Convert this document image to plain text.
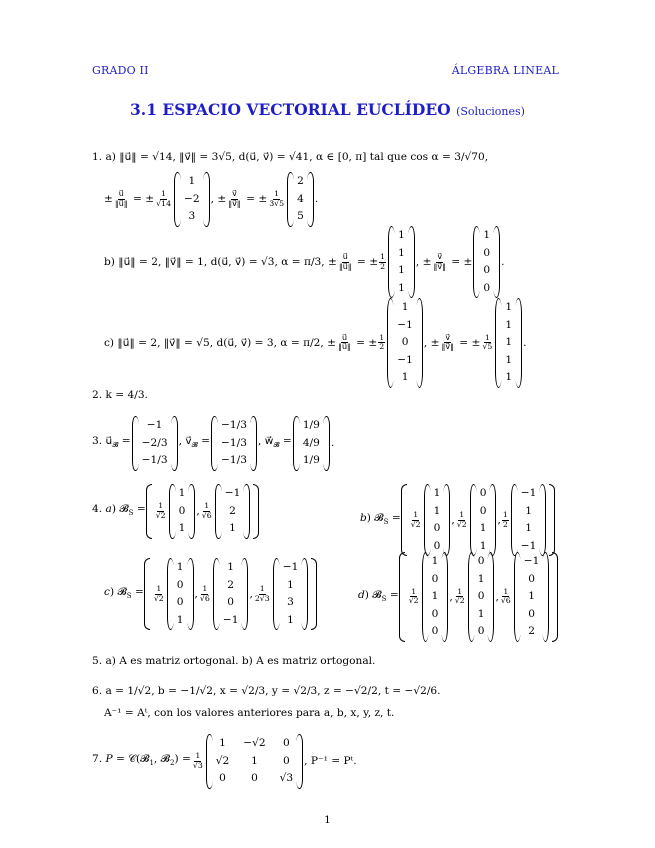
GRADO II	ÁLGEBRA LINEAL
3.1 ESPACIO VECTORIAL EUCLÍDEO (Soluciones)
1. a) ‖u⃗‖ = √14, ‖v⃗‖ = 3√5, d(u⃗, v⃗) = √41, α ∈ [0, π] tal que cos α = 3/√70,
± $\frac{u⃗}{‖u⃗‖}$ = ± $\frac{1}{√14}$
1
−2
3
, ± $\frac{v⃗}{‖v⃗‖}$ = ± $\frac{1}{3√5}$
2
4
5
.
b) ‖u⃗‖ = 2, ‖v⃗‖ = 1, d(u⃗, v⃗) = √3, α = π/3, ± $\frac{u⃗}{‖u⃗‖}$ = ± $\frac{1}{2}$
1
1
1
1
, ± $\frac{v⃗}{‖v⃗‖}$ = ±
1
0
0
0
.
c) ‖u⃗‖ = 2, ‖v⃗‖ = √5, d(u⃗, v⃗) = 3, α = π/2, ± $\frac{u⃗}{‖u⃗‖}$ = ± $\frac{1}{2}$
1
−1
0
−1
1
, ± $\frac{v⃗}{‖v⃗‖}$ = ± $\frac{1}{√5}$
1
1
1
1
1
.
2. k = 4/3.
3. $u⃗_𝓑$ =
−1
−2/3
−1/3
, $v⃗_𝓑$ =
−1/3
−1/3
−1/3
, $w⃗_𝓑$ =
1/9
4/9
1/9
.
4. a) 𝓑$_S$ = $\frac{1}{√2}$
1
0
1
, $\frac{1}{√6}$
−1
2
1
b) 𝓑$_S$ = $\frac{1}{√2}$
1
1
0
0
, $\frac{1}{√2}$
0
0
1
1
, $\frac{1}{2}$
−1
1
1
−1
c) 𝓑$_S$ = $\frac{1}{√2}$
1
0
0
1
, $\frac{1}{√6}$
1
2
0
−1
, $\frac{1}{2√3}$
−1
1
3
1
d) 𝓑$_S$ = $\frac{1}{√2}$
1
0
1
0
0
, $\frac{1}{√2}$
0
1
0
1
0
, $\frac{1}{√6}$
−1
0
1
0
2
5. a) A es matriz ortogonal. b) A es matriz ortogonal.
6. a = 1/√2, b = −1/√2, x = √2/3, y = √2/3, z = −√2/2, t = −√2/6.
A⁻¹ = Aᵗ, con los valores anteriores para a, b, x, y, z, t.
7. P = 𝒞(𝓑$_1$, 𝓑$_2$) = $\frac{1}{√3}$
1	−√2	0
√2	1	0
0	0	√3
, P⁻¹ = Pᵗ.
1
